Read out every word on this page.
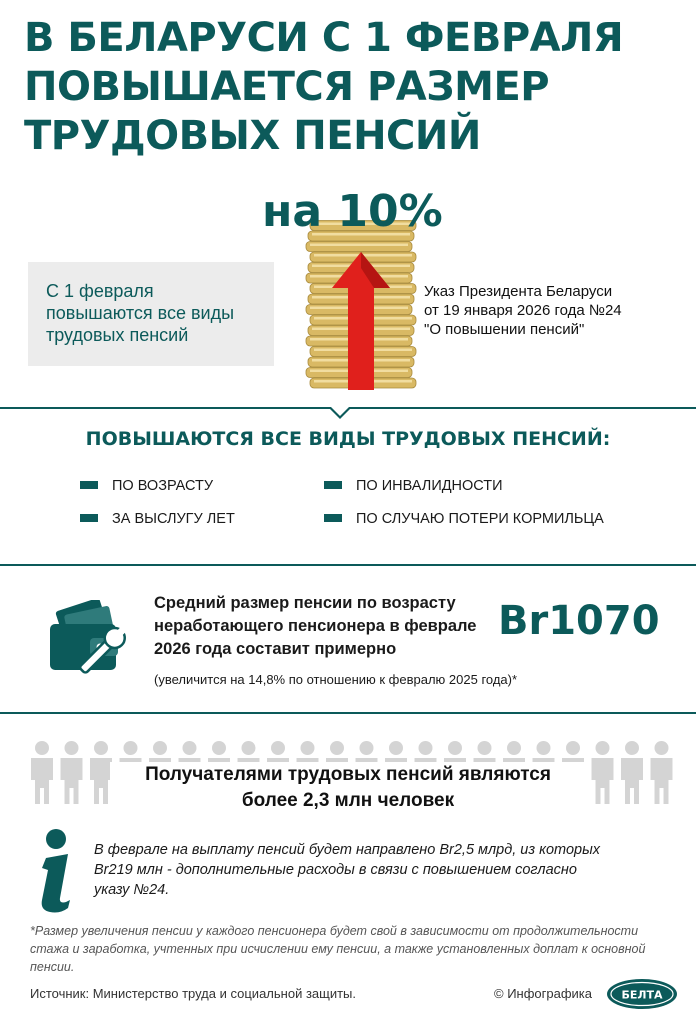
В БЕЛАРУСИ С 1 ФЕВРАЛЯ
ПОВЫШАЕТСЯ РАЗМЕР
ТРУДОВЫХ ПЕНСИЙ
на 10%
С 1 февраля
повышаются все виды
трудовых пенсий
Указ Президента Беларуси
от 19 января 2026 года №24
"О повышении пенсий"
ПОВЫШАЮТСЯ ВСЕ ВИДЫ ТРУДОВЫХ ПЕНСИЙ:
ПО ВОЗРАСТУ	ПО ИНВАЛИДНОСТИ
ЗА ВЫСЛУГУ ЛЕТ	ПО СЛУЧАЮ ПОТЕРИ КОРМИЛЬЦА
Средний размер пенсии по возрасту
неработающего пенсионера в феврале
2026 года составит примерно
Br1070
(увеличится на 14,8% по отношению к февралю 2025 года)*
Получателями трудовых пенсий являются
более 2,3 млн человек
В феврале на выплату пенсий будет направлено Br2,5 млрд, из которых
Br219 млн - дополнительные расходы в связи с повышением согласно
указу №24.
*Размер увеличения пенсии у каждого пенсионера будет свой в зависимости от продолжительности
стажа и заработка, учтенных при исчислении ему пенсии, а также установленных доплат к основной
пенсии.
Источник: Министерство труда и социальной защиты.	© Инфографика	БЕЛТА
